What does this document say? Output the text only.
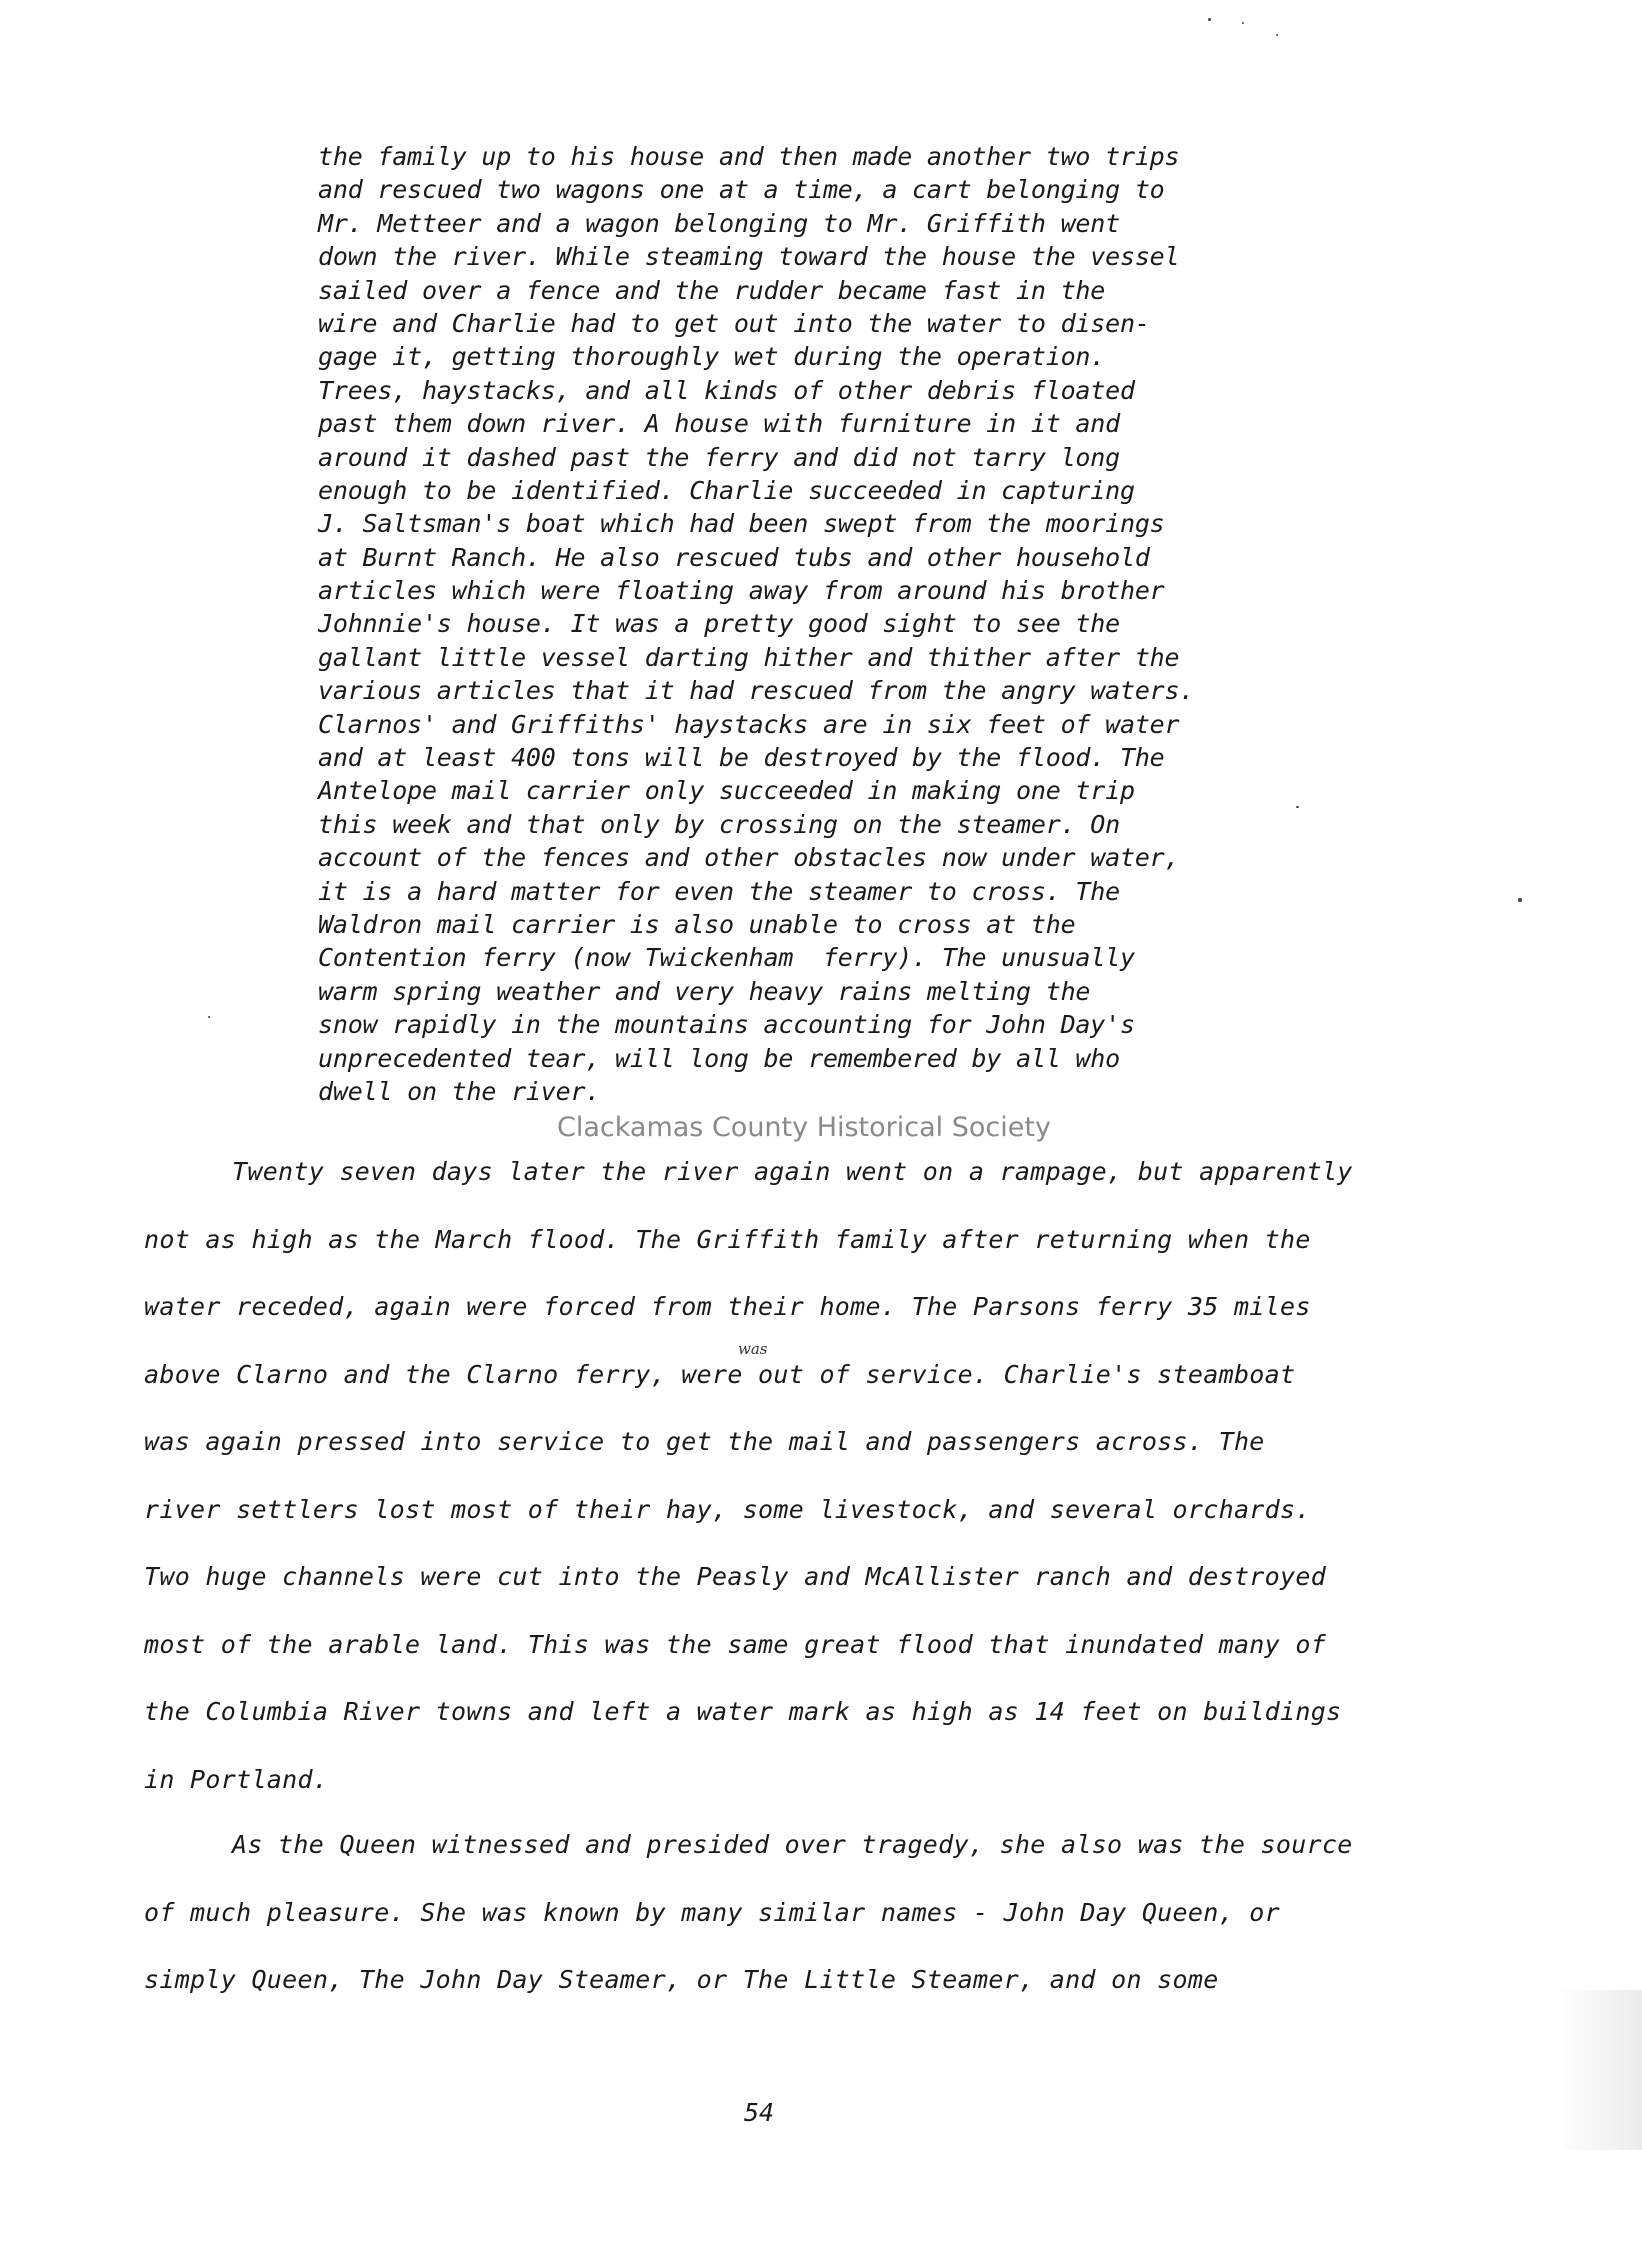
the family up to his house and then made another two trips
and rescued two wagons one at a time, a cart belonging to
Mr. Metteer and a wagon belonging to Mr. Griffith went
down the river. While steaming toward the house the vessel
sailed over a fence and the rudder became fast in the
wire and Charlie had to get out into the water to disen-
gage it, getting thoroughly wet during the operation.
Trees, haystacks, and all kinds of other debris floated
past them down river. A house with furniture in it and
around it dashed past the ferry and did not tarry long
enough to be identified. Charlie succeeded in capturing
J. Saltsman's boat which had been swept from the moorings
at Burnt Ranch. He also rescued tubs and other household
articles which were floating away from around his brother
Johnnie's house. It was a pretty good sight to see the
gallant little vessel darting hither and thither after the
various articles that it had rescued from the angry waters.
Clarnos' and Griffiths' haystacks are in six feet of water
and at least 400 tons will be destroyed by the flood. The
Antelope mail carrier only succeeded in making one trip
this week and that only by crossing on the steamer. On
account of the fences and other obstacles now under water,
it is a hard matter for even the steamer to cross. The
Waldron mail carrier is also unable to cross at the
Contention ferry (now Twickenham  ferry). The unusually
warm spring weather and very heavy rains melting the
snow rapidly in the mountains accounting for John Day's
unprecedented tear, will long be remembered by all who
dwell on the river.
Clackamas County Historical Society
Twenty seven days later the river again went on a rampage, but apparently
not as high as the March flood. The Griffith family after returning when the
water receded, again were forced from their home. The Parsons ferry 35 miles
above Clarno and the Clarno ferry, were out of service. Charlie's steamboat
was again pressed into service to get the mail and passengers across. The
river settlers lost most of their hay, some livestock, and several orchards.
Two huge channels were cut into the Peasly and McAllister ranch and destroyed
most of the arable land. This was the same great flood that inundated many of
the Columbia River towns and left a water mark as high as 14 feet on buildings
in Portland.
was
As the Queen witnessed and presided over tragedy, she also was the source
of much pleasure. She was known by many similar names - John Day Queen, or
simply Queen, The John Day Steamer, or The Little Steamer, and on some
54
